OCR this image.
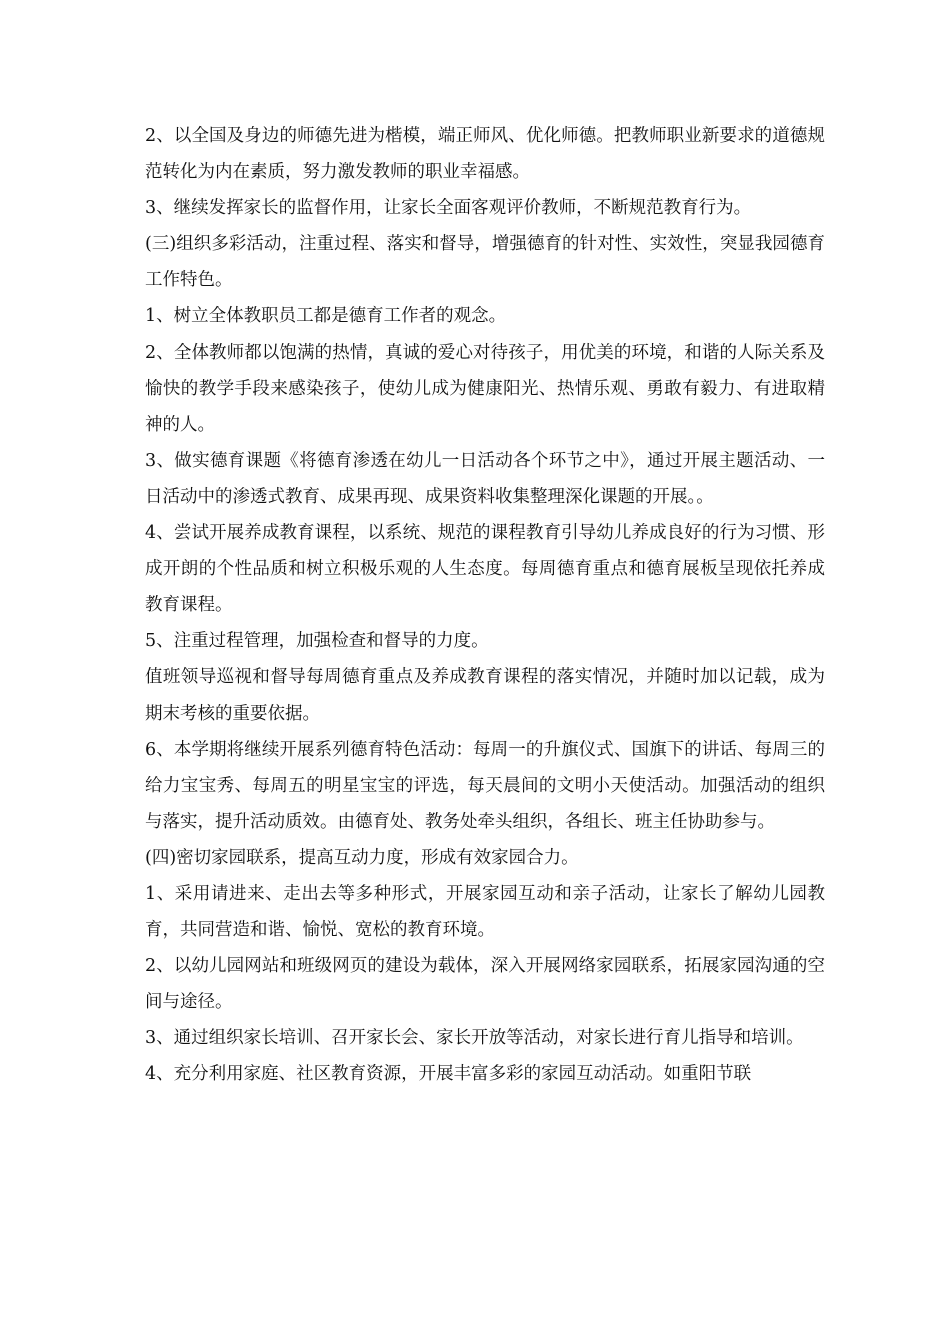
2、以全国及身边的师德先进为楷模，端正师风、优化师德。把教师职业新要求的道德规范转化为内在素质，努力激发教师的职业幸福感。

3、继续发挥家长的监督作用，让家长全面客观评价教师，不断规范教育行为。

(三)组织多彩活动，注重过程、落实和督导，增强德育的针对性、实效性，突显我园德育工作特色。

1、树立全体教职员工都是德育工作者的观念。

2、全体教师都以饱满的热情，真诚的爱心对待孩子，用优美的环境，和谐的人际关系及愉快的教学手段来感染孩子，使幼儿成为健康阳光、热情乐观、勇敢有毅力、有进取精神的人。

3、做实德育课题《将德育渗透在幼儿一日活动各个环节之中》，通过开展主题活动、一日活动中的渗透式教育、成果再现、成果资料收集整理深化课题的开展。。

4、尝试开展养成教育课程，以系统、规范的课程教育引导幼儿养成良好的行为习惯、形成开朗的个性品质和树立积极乐观的人生态度。每周德育重点和德育展板呈现依托养成教育课程。

5、注重过程管理，加强检查和督导的力度。

值班领导巡视和督导每周德育重点及养成教育课程的落实情况，并随时加以记载，成为期末考核的重要依据。

6、本学期将继续开展系列德育特色活动：每周一的升旗仪式、国旗下的讲话、每周三的给力宝宝秀、每周五的明星宝宝的评选，每天晨间的文明小天使活动。加强活动的组织与落实，提升活动质效。由德育处、教务处牵头组织，各组长、班主任协助参与。

(四)密切家园联系，提高互动力度，形成有效家园合力。

1、采用请进来、走出去等多种形式，开展家园互动和亲子活动，让家长了解幼儿园教育，共同营造和谐、愉悦、宽松的教育环境。

2、以幼儿园网站和班级网页的建设为载体，深入开展网络家园联系，拓展家园沟通的空间与途径。

3、通过组织家长培训、召开家长会、家长开放等活动，对家长进行育儿指导和培训。

4、充分利用家庭、社区教育资源，开展丰富多彩的家园互动活动。如重阳节联
